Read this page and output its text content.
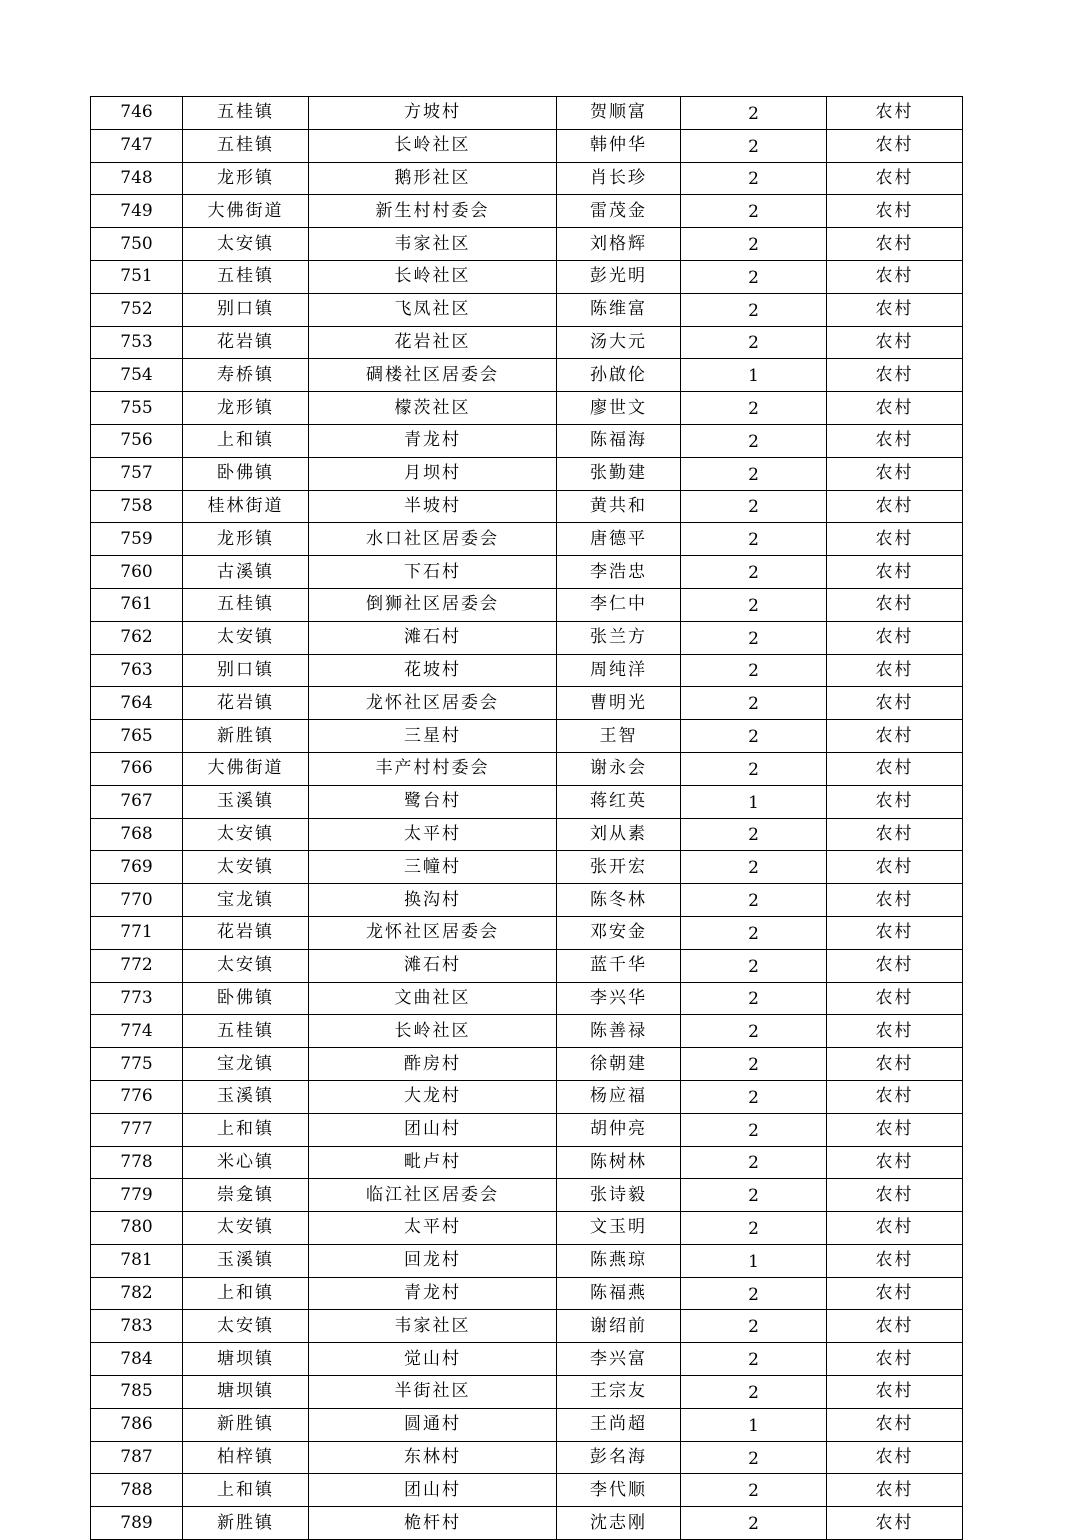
746	五桂镇	方坡村	贺顺富	2	农村
747	五桂镇	长岭社区	韩仲华	2	农村
748	龙形镇	鹅形社区	肖长珍	2	农村
749	大佛街道	新生村村委会	雷茂金	2	农村
750	太安镇	韦家社区	刘格辉	2	农村
751	五桂镇	长岭社区	彭光明	2	农村
752	别口镇	飞凤社区	陈维富	2	农村
753	花岩镇	花岩社区	汤大元	2	农村
754	寿桥镇	碉楼社区居委会	孙啟伦	1	农村
755	龙形镇	檬茨社区	廖世文	2	农村
756	上和镇	青龙村	陈福海	2	农村
757	卧佛镇	月坝村	张勤建	2	农村
758	桂林街道	半坡村	黄共和	2	农村
759	龙形镇	水口社区居委会	唐德平	2	农村
760	古溪镇	下石村	李浩忠	2	农村
761	五桂镇	倒狮社区居委会	李仁中	2	农村
762	太安镇	滩石村	张兰方	2	农村
763	别口镇	花坡村	周纯洋	2	农村
764	花岩镇	龙怀社区居委会	曹明光	2	农村
765	新胜镇	三星村	王智	2	农村
766	大佛街道	丰产村村委会	谢永会	2	农村
767	玉溪镇	鹭台村	蒋红英	1	农村
768	太安镇	太平村	刘从素	2	农村
769	太安镇	三幢村	张开宏	2	农村
770	宝龙镇	换沟村	陈冬林	2	农村
771	花岩镇	龙怀社区居委会	邓安金	2	农村
772	太安镇	滩石村	蓝千华	2	农村
773	卧佛镇	文曲社区	李兴华	2	农村
774	五桂镇	长岭社区	陈善禄	2	农村
775	宝龙镇	酢房村	徐朝建	2	农村
776	玉溪镇	大龙村	杨应福	2	农村
777	上和镇	团山村	胡仲亮	2	农村
778	米心镇	毗卢村	陈树林	2	农村
779	崇龛镇	临江社区居委会	张诗毅	2	农村
780	太安镇	太平村	文玉明	2	农村
781	玉溪镇	回龙村	陈燕琼	1	农村
782	上和镇	青龙村	陈福燕	2	农村
783	太安镇	韦家社区	谢绍前	2	农村
784	塘坝镇	觉山村	李兴富	2	农村
785	塘坝镇	半街社区	王宗友	2	农村
786	新胜镇	圆通村	王尚超	1	农村
787	柏梓镇	东林村	彭名海	2	农村
788	上和镇	团山村	李代顺	2	农村
789	新胜镇	桅杆村	沈志刚	2	农村
